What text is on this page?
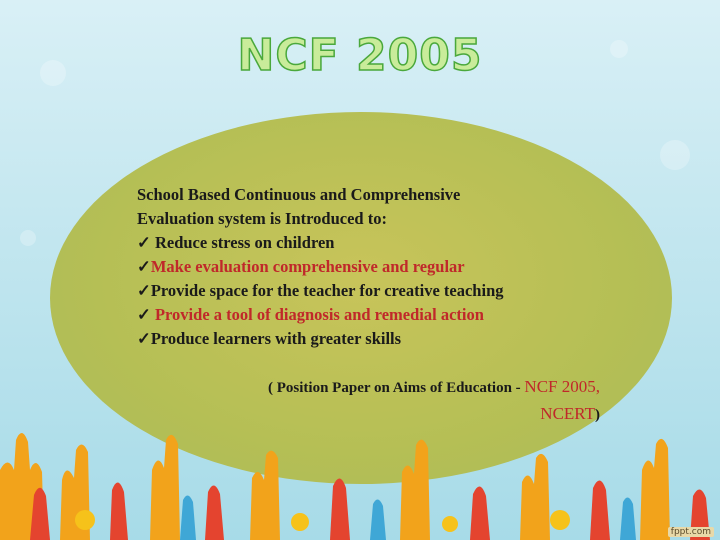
NCF 2005
School Based Continuous and Comprehensive
Evaluation system is Introduced to:
✓ Reduce stress on children
✓Make evaluation comprehensive and regular
✓Provide space for the teacher for creative teaching
✓ Provide a tool of diagnosis and remedial action
✓Produce learners with greater skills
( Position Paper on Aims of Education - NCF 2005,
NCERT)
fppt.com
